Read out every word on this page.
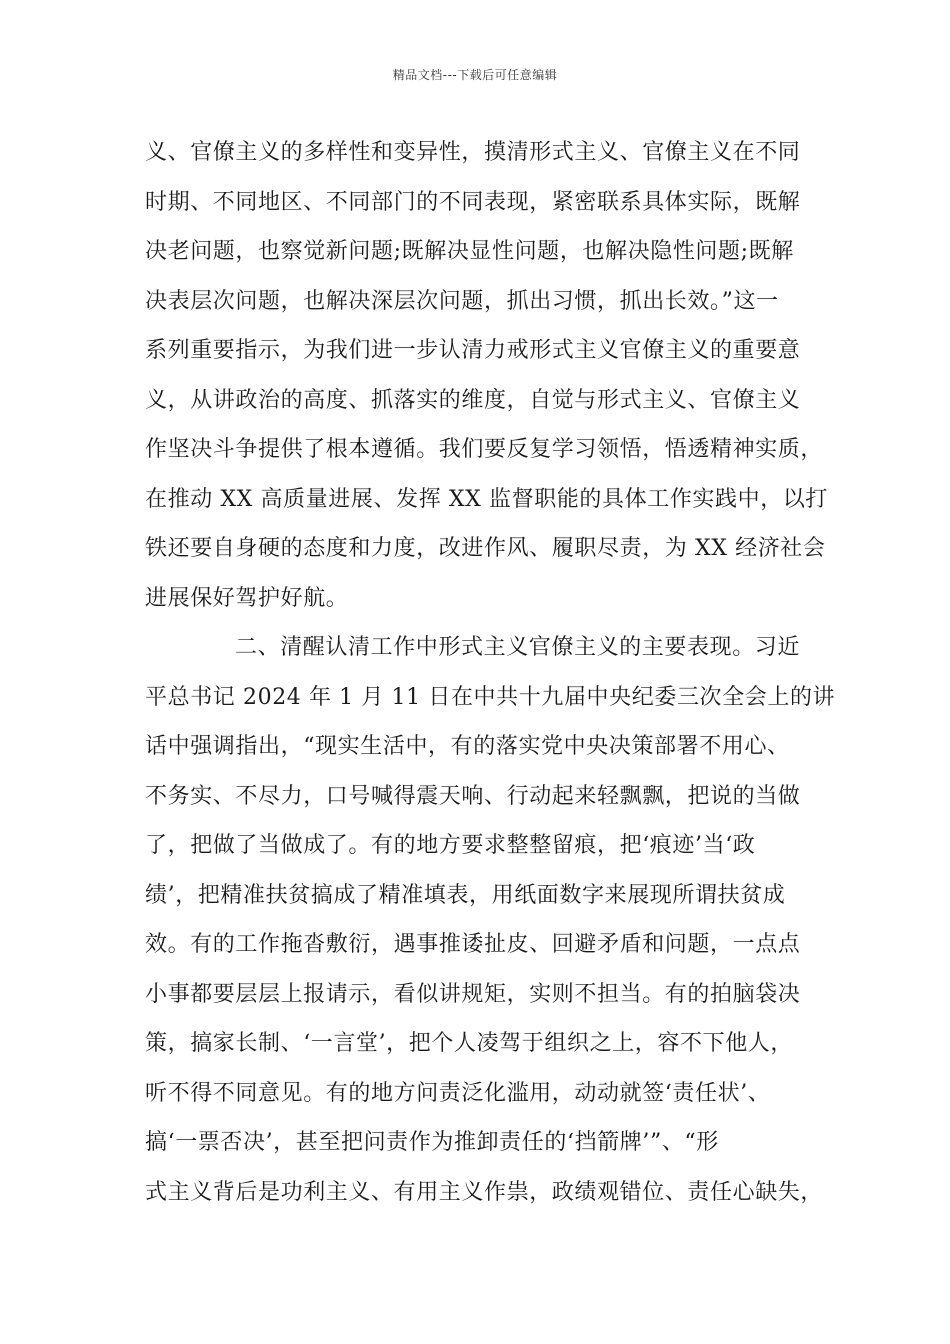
精品文档---下载后可任意编辑
义、官僚主义的多样性和变异性，摸清形式主义、官僚主义在不同
时期、不同地区、不同部门的不同表现，紧密联系具体实际，既解
决老问题，也察觉新问题;既解决显性问题，也解决隐性问题;既解
决表层次问题，也解决深层次问题，抓出习惯，抓出长效。”这一
系列重要指示，为我们进一步认清力戒形式主义官僚主义的重要意
义，从讲政治的高度、抓落实的维度，自觉与形式主义、官僚主义
作坚决斗争提供了根本遵循。我们要反复学习领悟，悟透精神实质，
在推动 XX 高质量进展、发挥 XX 监督职能的具体工作实践中，以打
铁还要自身硬的态度和力度，改进作风、履职尽责，为 XX 经济社会
进展保好驾护好航。
二、清醒认清工作中形式主义官僚主义的主要表现。习近
平总书记 2024 年 1 月 11 日在中共十九届中央纪委三次全会上的讲
话中强调指出，“现实生活中，有的落实党中央决策部署不用心、
不务实、不尽力，口号喊得震天响、行动起来轻飘飘，把说的当做
了，把做了当做成了。有的地方要求整整留痕，把‘痕迹’当‘政
绩’，把精准扶贫搞成了精准填表，用纸面数字来展现所谓扶贫成
效。有的工作拖沓敷衍，遇事推诿扯皮、回避矛盾和问题，一点点
小事都要层层上报请示，看似讲规矩，实则不担当。有的拍脑袋决
策，搞家长制、‘一言堂’，把个人凌驾于组织之上，容不下他人，
听不得不同意见。有的地方问责泛化滥用，动动就签‘责任状’、
搞‘一票否决’，甚至把问责作为推卸责任的‘挡箭牌’”、“形
式主义背后是功利主义、有用主义作祟，政绩观错位、责任心缺失，
